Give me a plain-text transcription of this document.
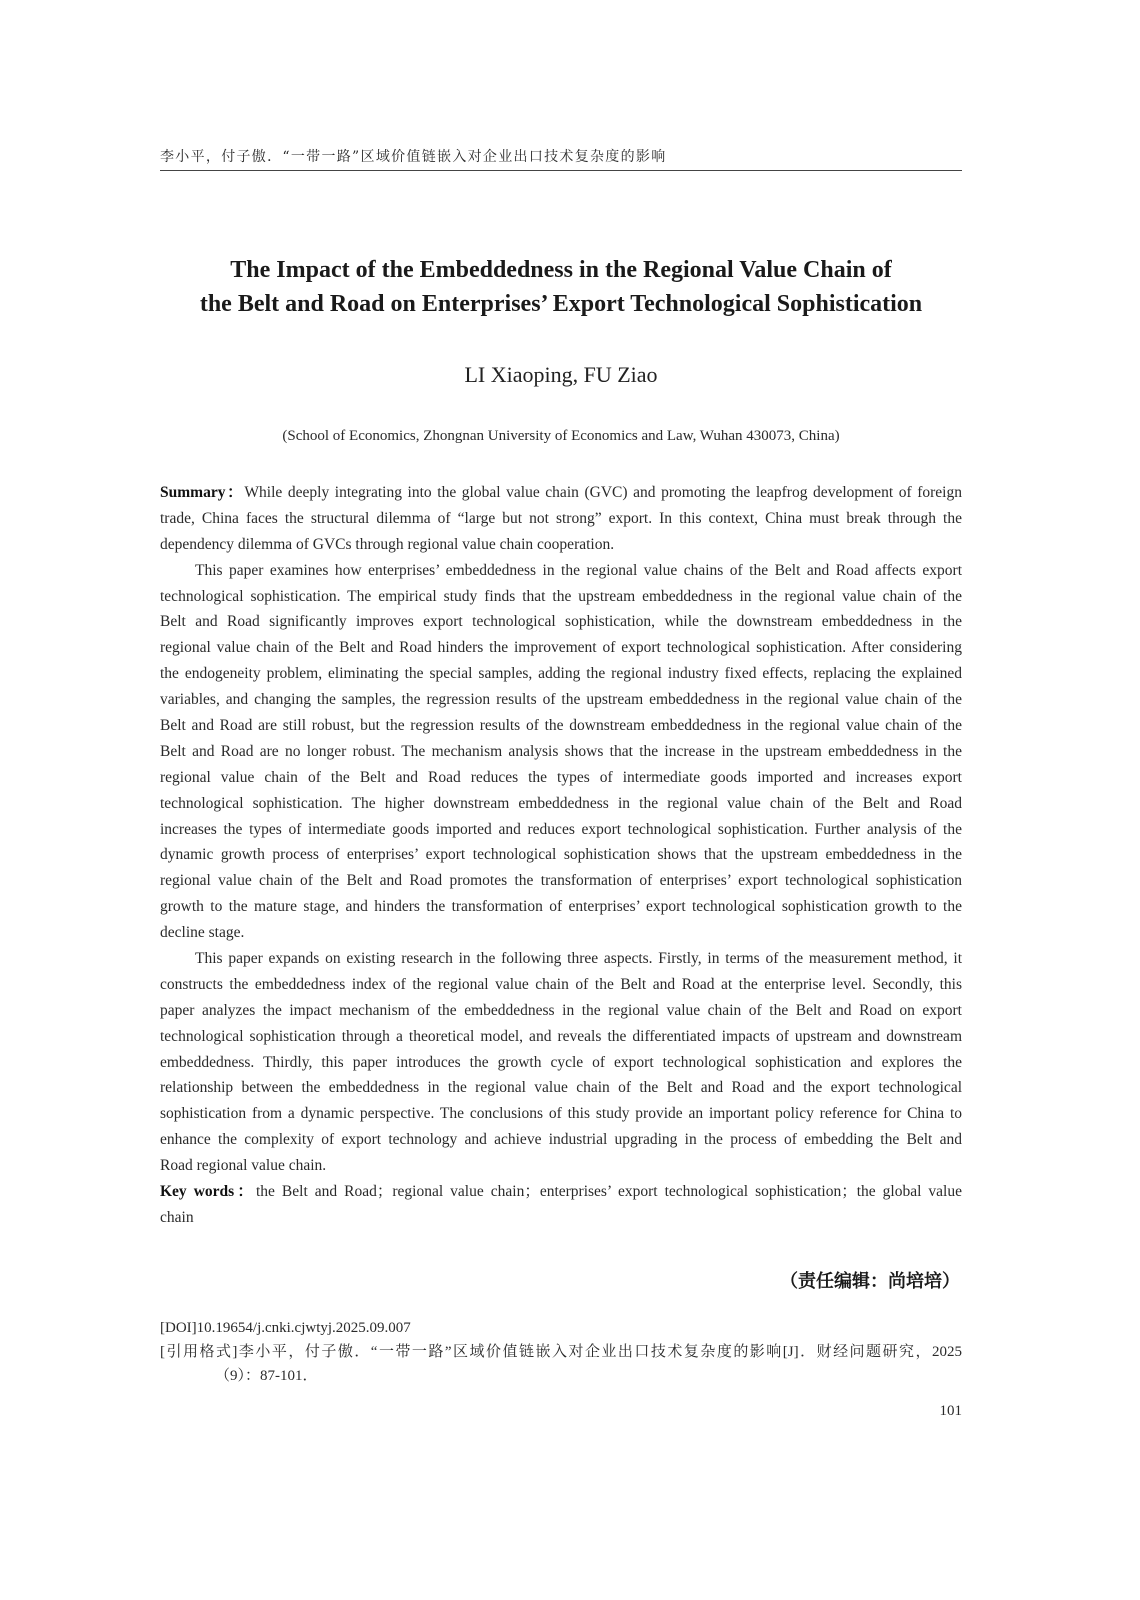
李小平，付子傲．“一带一路”区域价值链嵌入对企业出口技术复杂度的影响
The Impact of the Embeddedness in the Regional Value Chain of
the Belt and Road on Enterprises’ Export Technological Sophistication
LI Xiaoping, FU Ziao
(School of Economics, Zhongnan University of Economics and Law, Wuhan 430073, China)
Summary：While deeply integrating into the global value chain (GVC) and promoting the leapfrog development of foreign
trade, China faces the structural dilemma of “large but not strong” export. In this context, China must break through the
dependency dilemma of GVCs through regional value chain cooperation.
This paper examines how enterprises’ embeddedness in the regional value chains of the Belt and Road affects export
technological sophistication. The empirical study finds that the upstream embeddedness in the regional value chain of the
Belt and Road significantly improves export technological sophistication, while the downstream embeddedness in the
regional value chain of the Belt and Road hinders the improvement of export technological sophistication. After considering
the endogeneity problem, eliminating the special samples, adding the regional industry fixed effects, replacing the explained
variables, and changing the samples, the regression results of the upstream embeddedness in the regional value chain of the
Belt and Road are still robust, but the regression results of the downstream embeddedness in the regional value chain of the
Belt and Road are no longer robust. The mechanism analysis shows that the increase in the upstream embeddedness in the
regional value chain of the Belt and Road reduces the types of intermediate goods imported and increases export
technological sophistication. The higher downstream embeddedness in the regional value chain of the Belt and Road
increases the types of intermediate goods imported and reduces export technological sophistication. Further analysis of the
dynamic growth process of enterprises’ export technological sophistication shows that the upstream embeddedness in the
regional value chain of the Belt and Road promotes the transformation of enterprises’ export technological sophistication
growth to the mature stage, and hinders the transformation of enterprises’ export technological sophistication growth to the
decline stage.
This paper expands on existing research in the following three aspects. Firstly, in terms of the measurement method, it
constructs the embeddedness index of the regional value chain of the Belt and Road at the enterprise level. Secondly, this
paper analyzes the impact mechanism of the embeddedness in the regional value chain of the Belt and Road on export
technological sophistication through a theoretical model, and reveals the differentiated impacts of upstream and downstream
embeddedness. Thirdly, this paper introduces the growth cycle of export technological sophistication and explores the
relationship between the embeddedness in the regional value chain of the Belt and Road and the export technological
sophistication from a dynamic perspective. The conclusions of this study provide an important policy reference for China to
enhance the complexity of export technology and achieve industrial upgrading in the process of embedding the Belt and
Road regional value chain.
Key words：the Belt and Road；regional value chain；enterprises’ export technological sophistication；the global value
chain
（责任编辑：尚培培）
[DOI]10.19654/j.cnki.cjwtyj.2025.09.007
[引用格式]李小平，付子傲．“一带一路”区域价值链嵌入对企业出口技术复杂度的影响[J]．财经问题研究，2025
（9）：87-101．
101
